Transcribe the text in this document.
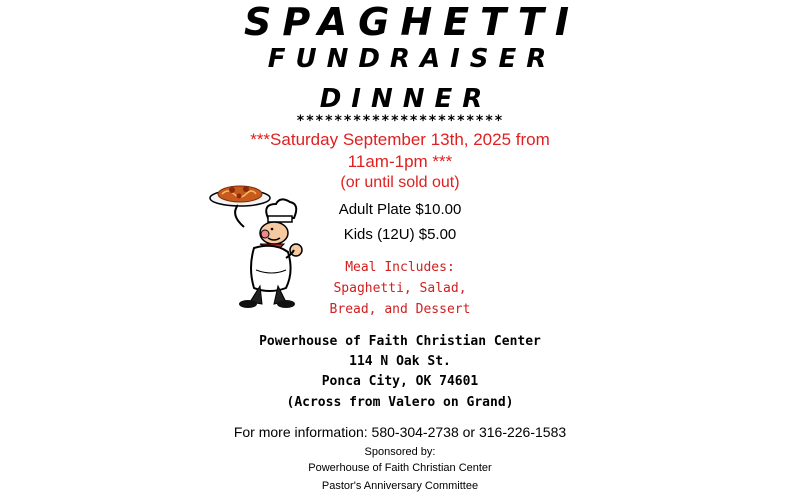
SPAGHETTI
FUNDRAISER
DINNER
**********************
***Saturday September 13th, 2025 from
11am-1pm ***
(or until sold out)
Adult Plate $10.00
Kids (12U) $5.00
Meal Includes:
Spaghetti, Salad,
Bread, and Dessert
Powerhouse of Faith Christian Center
114 N Oak St.
Ponca City, OK 74601
(Across from Valero on Grand)
For more information: 580-304-2738 or 316-226-1583
Sponsored by:
Powerhouse of Faith Christian Center
Pastor's Anniversary Committee
